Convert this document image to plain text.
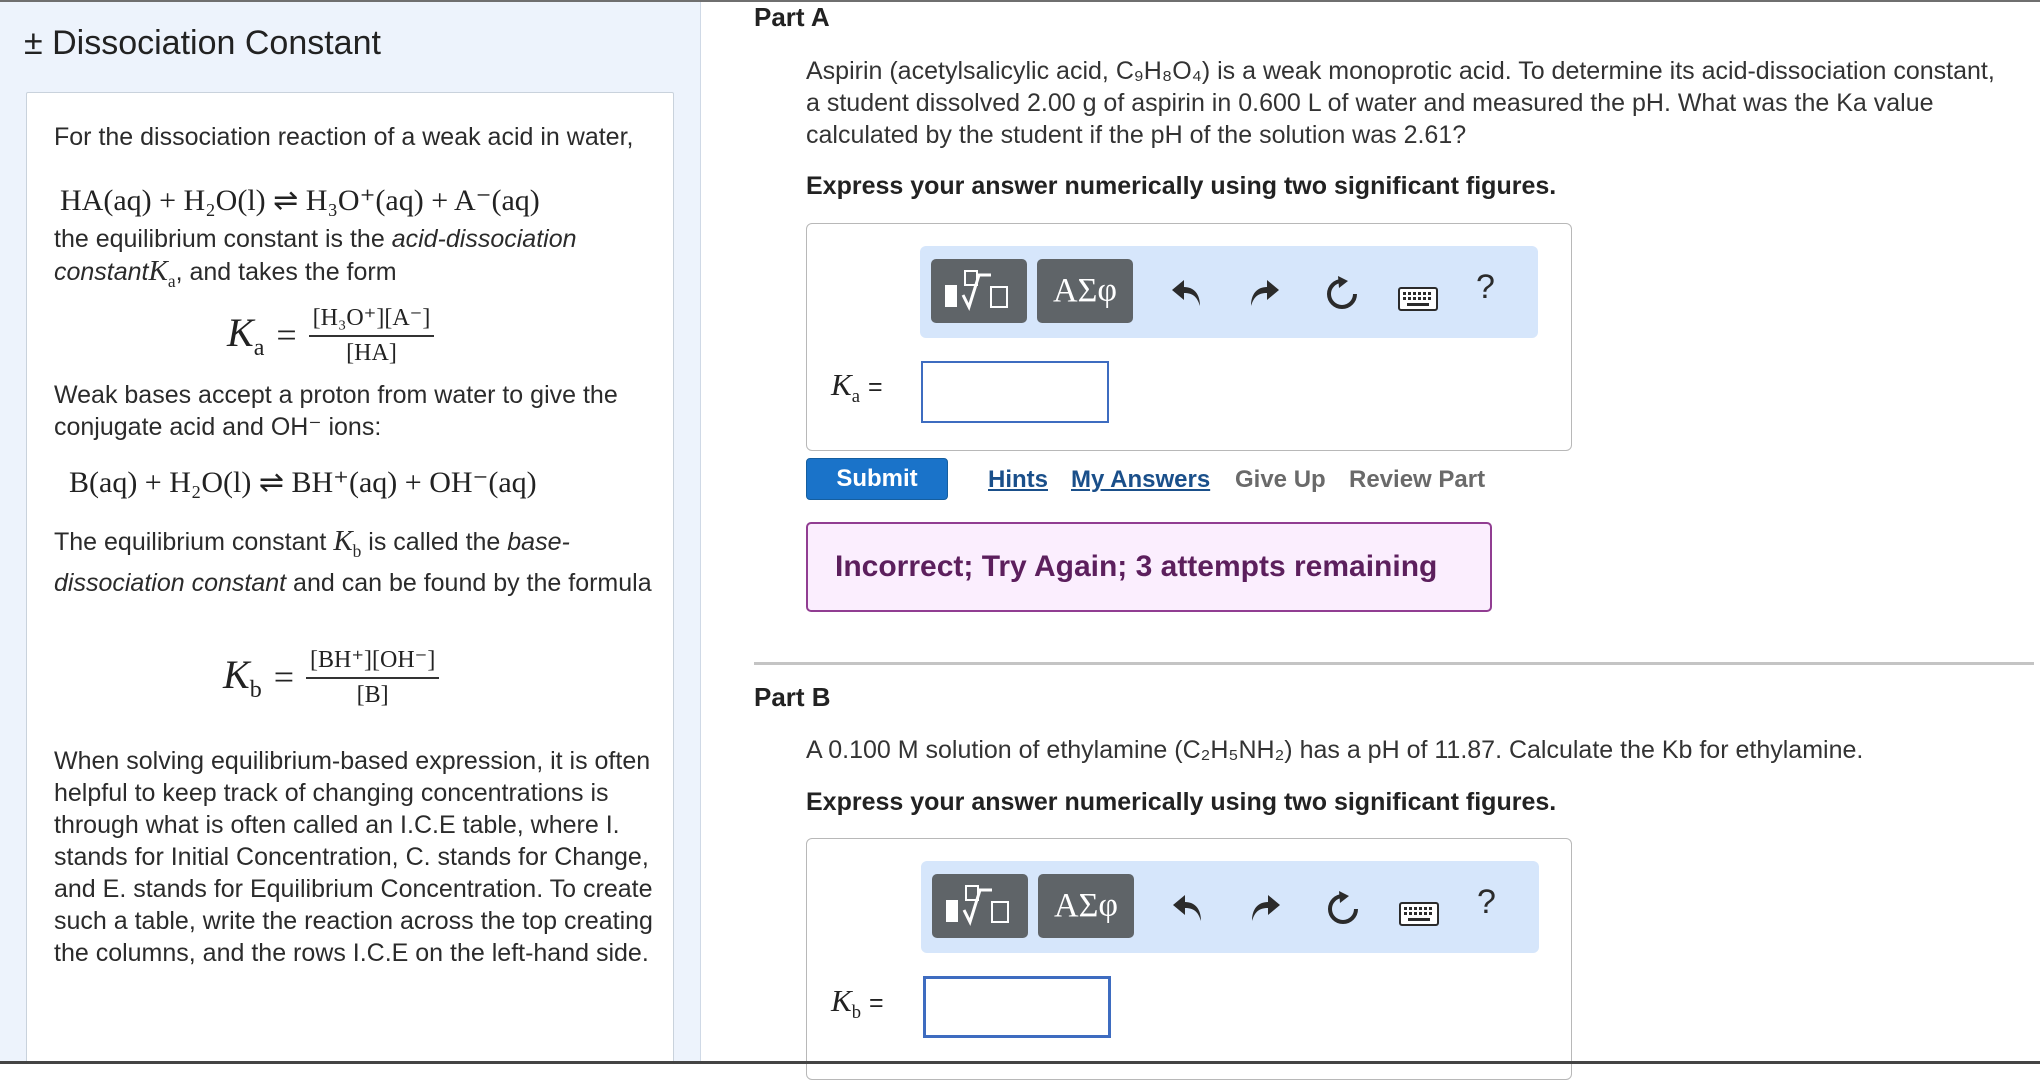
± Dissociation Constant
For the dissociation reaction of a weak acid in water,
HA(aq) + H₂O(l) ⇌ H₃O⁺(aq) + A⁻(aq)
the equilibrium constant is the acid-dissociation constantK$_a$, and takes the form
$K_a = \frac{\text{[H₃O⁺][A⁻]}}{[HA]}$
Weak bases accept a proton from water to give the conjugate acid and OH⁻ ions:
B(aq) + H₂O(l) ⇌ BH⁺(aq) + OH⁻(aq)
The equilibrium constant $K_b$ is called the base-dissociation constant and can be found by the formula
$K_b = \frac{[BH^+][OH^-]}{[B]}$
When solving equilibrium-based expression, it is often helpful to keep track of changing concentrations is through what is often called an I.C.E table, where I. stands for Initial Concentration, C. stands for Change, and E. stands for Equilibrium Concentration. To create such a table, write the reaction across the top creating the columns, and the rows I.C.E on the left-hand side.
Part A
Aspirin (acetylsalicylic acid, C₉H₈O₄) is a weak monoprotic acid. To determine its acid-dissociation constant, a student dissolved 2.00 g of aspirin in 0.600 L of water and measured the pH. What was the Ka value calculated by the student if the pH of the solution was 2.61?
Express your answer numerically using two significant figures.
ΑΣφ	?
$K_a$ =
Submit	Hints My Answers Give Up Review Part
Incorrect; Try Again; 3 attempts remaining
Part B
A 0.100 M solution of ethylamine (C₂H₅NH₂) has a pH of 11.87. Calculate the Kb for ethylamine.
Express your answer numerically using two significant figures.
ΑΣφ	?
$K_b$ =
